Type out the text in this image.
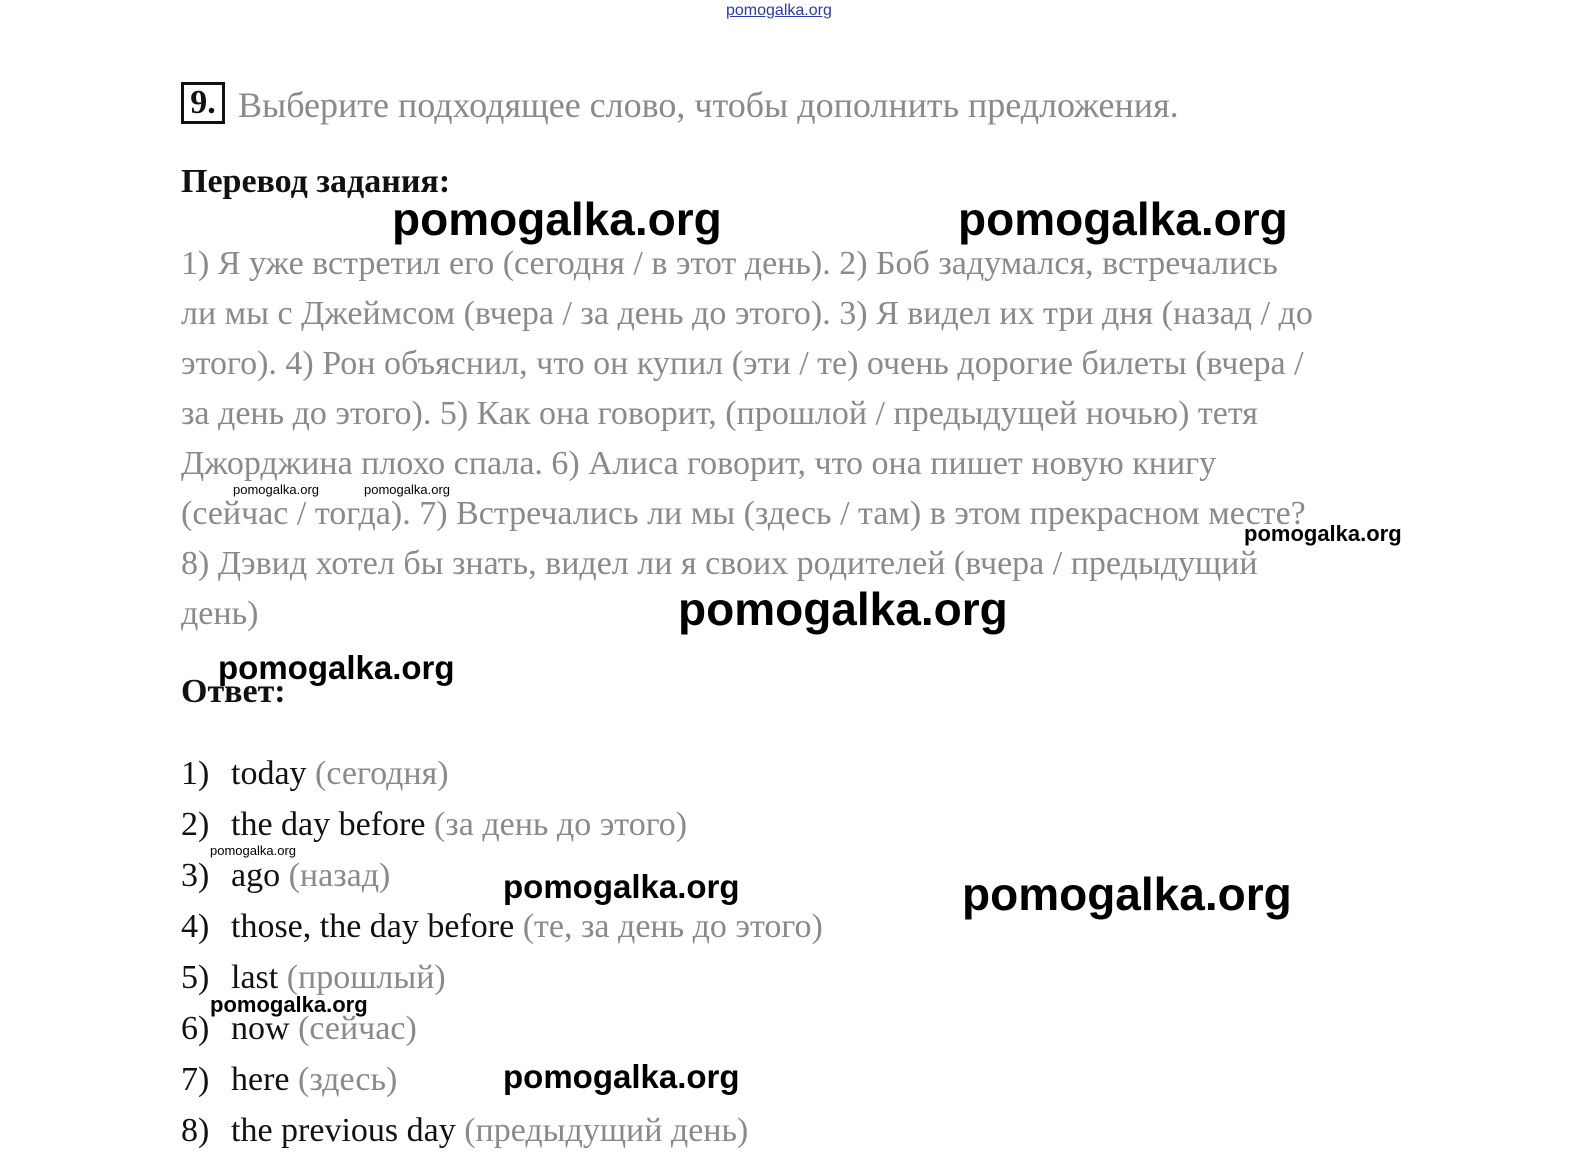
pomogalka.org
9. Выберите подходящее слово, чтобы дополнить предложения.
Перевод задания:
1) Я уже встретил его (сегодня / в этот день). 2) Боб задумался, встречались
ли мы с Джеймсом (вчера / за день до этого). 3) Я видел их три дня (назад / до
этого). 4) Рон объяснил, что он купил (эти / те) очень дорогие билеты (вчера /
за день до этого). 5) Как она говорит, (прошлой / предыдущей ночью) тетя
Джорджина плохо спала. 6) Алиса говорит, что она пишет новую книгу
(сейчас / тогда). 7) Встречались ли мы (здесь / там) в этом прекрасном месте?
8) Дэвид хотел бы знать, видел ли я своих родителей (вчера / предыдущий
день)
Ответ:
1) today (сегодня)
2) the day before (за день до этого)
3) ago (назад)
4) those, the day before (те, за день до этого)
5) last (прошлый)
6) now (сейчас)
7) here (здесь)
8) the previous day (предыдущий день)
pomogalka.org	pomogalka.org
pomogalka.org	pomogalka.org
pomogalka.org
pomogalka.org
pomogalka.org
pomogalka.org
pomogalka.org	pomogalka.org
pomogalka.org
pomogalka.org
